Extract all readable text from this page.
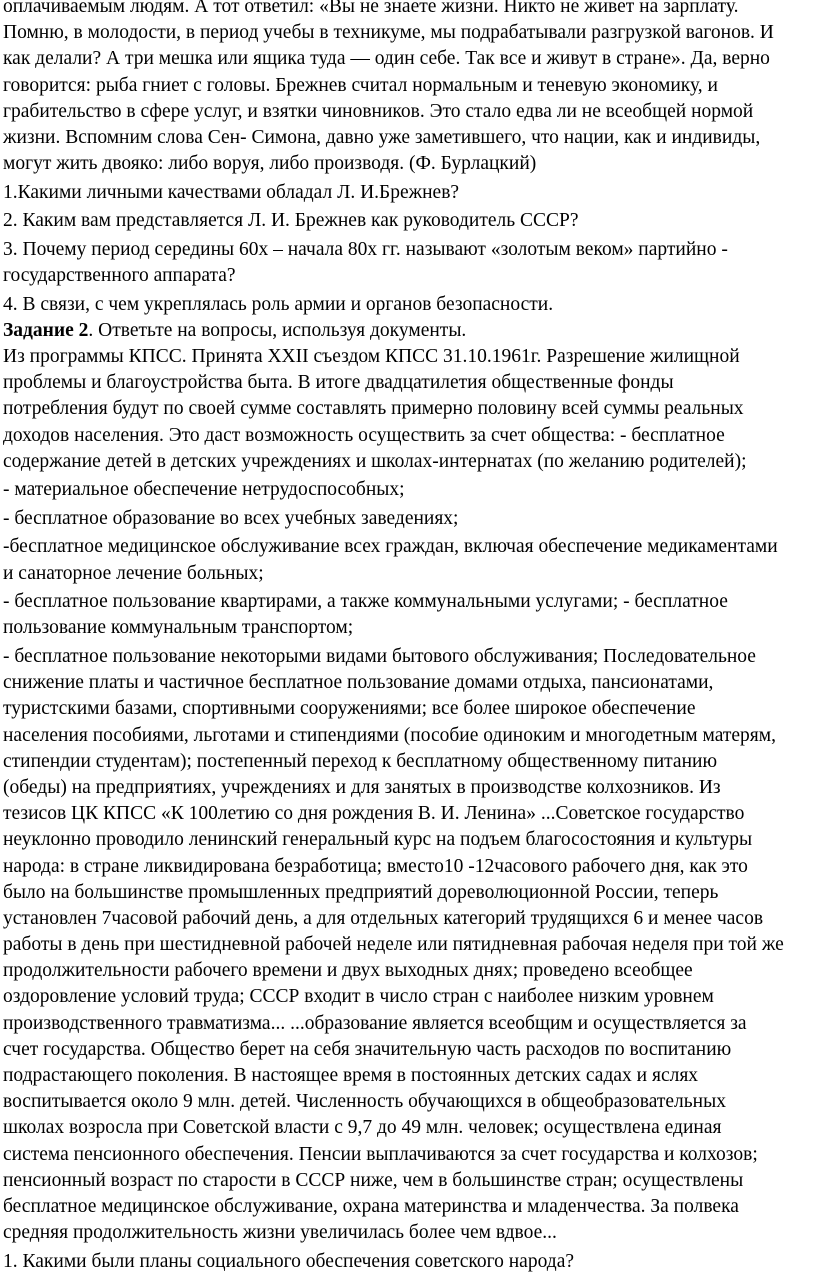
оплачиваемым людям. А тот ответил: «Вы не знаете жизни. Никто не живет на зарплату.
Помню, в молодости, в период учебы в техникуме, мы подрабатывали разгрузкой вагонов. И
как делали? А три мешка или ящика туда — один себе. Так все и живут в стране». Да, верно
говорится: рыба гниет с головы. Брежнев считал нормальным и теневую экономику, и
грабительство в сфере услуг, и взятки чиновников. Это стало едва ли не всеобщей нормой
жизни. Вспомним слова Сен- Симона, давно уже заметившего, что нации, как и индивиды,
могут жить двояко: либо воруя, либо производя. (Ф. Бурлацкий)
1.Какими личными качествами обладал Л. И.Брежнев?
2. Каким вам представляется Л. И. Брежнев как руководитель СССР?
3. Почему период середины 60х – начала 80х гг. называют «золотым веком» партийно -
государственного аппарата?
4. В связи, с чем укреплялась роль армии и органов безопасности.
Задание 2. Ответьте на вопросы, используя документы.
Из программы КПСС. Принята XXII съездом КПСС 31.10.1961г. Разрешение жилищной
проблемы и благоустройства быта. В итоге двадцатилетия общественные фонды
потребления будут по своей сумме составлять примерно половину всей суммы реальных
доходов населения. Это даст возможность осуществить за счет общества: - бесплатное
содержание детей в детских учреждениях и школах-интернатах (по желанию родителей);
- материальное обеспечение нетрудоспособных;
- бесплатное образование во всех учебных заведениях;
-бесплатное медицинское обслуживание всех граждан, включая обеспечение медикаментами
и санаторное лечение больных;
- бесплатное пользование квартирами, а также коммунальными услугами; - бесплатное
пользование коммунальным транспортом;
- бесплатное пользование некоторыми видами бытового обслуживания; Последовательное
снижение платы и частичное бесплатное пользование домами отдыха, пансионатами,
туристскими базами, спортивными сооружениями; все более широкое обеспечение
населения пособиями, льготами и стипендиями (пособие одиноким и многодетным матерям,
стипендии студентам); постепенный переход к бесплатному общественному питанию
(обеды) на предприятиях, учреждениях и для занятых в производстве колхозников. Из
тезисов ЦК КПСС «К 100летию со дня рождения В. И. Ленина» ...Советское государство
неуклонно проводило ленинский генеральный курс на подъем благосостояния и культуры
народа: в стране ликвидирована безработица; вместо10 -12часового рабочего дня, как это
было на большинстве промышленных предприятий дореволюционной России, теперь
установлен 7часовой рабочий день, а для отдельных категорий трудящихся 6 и менее часов
работы в день при шестидневной рабочей неделе или пятидневная рабочая неделя при той же
продолжительности рабочего времени и двух выходных днях; проведено всеобщее
оздоровление условий труда; СССР входит в число стран с наиболее низким уровнем
производственного травматизма... ...образование является всеобщим и осуществляется за
счет государства. Общество берет на себя значительную часть расходов по воспитанию
подрастающего поколения. В настоящее время в постоянных детских садах и яслях
воспитывается около 9 млн. детей. Численность обучающихся в общеобразовательных
школах возросла при Советской власти с 9,7 до 49 млн. человек; осуществлена единая
система пенсионного обеспечения. Пенсии выплачиваются за счет государства и колхозов;
пенсионный возраст по старости в СССР ниже, чем в большинстве стран; осуществлены
бесплатное медицинское обслуживание, охрана материнства и младенчества. За полвека
средняя продолжительность жизни увеличилась более чем вдвое...
1. Какими были планы социального обеспечения советского народа?
